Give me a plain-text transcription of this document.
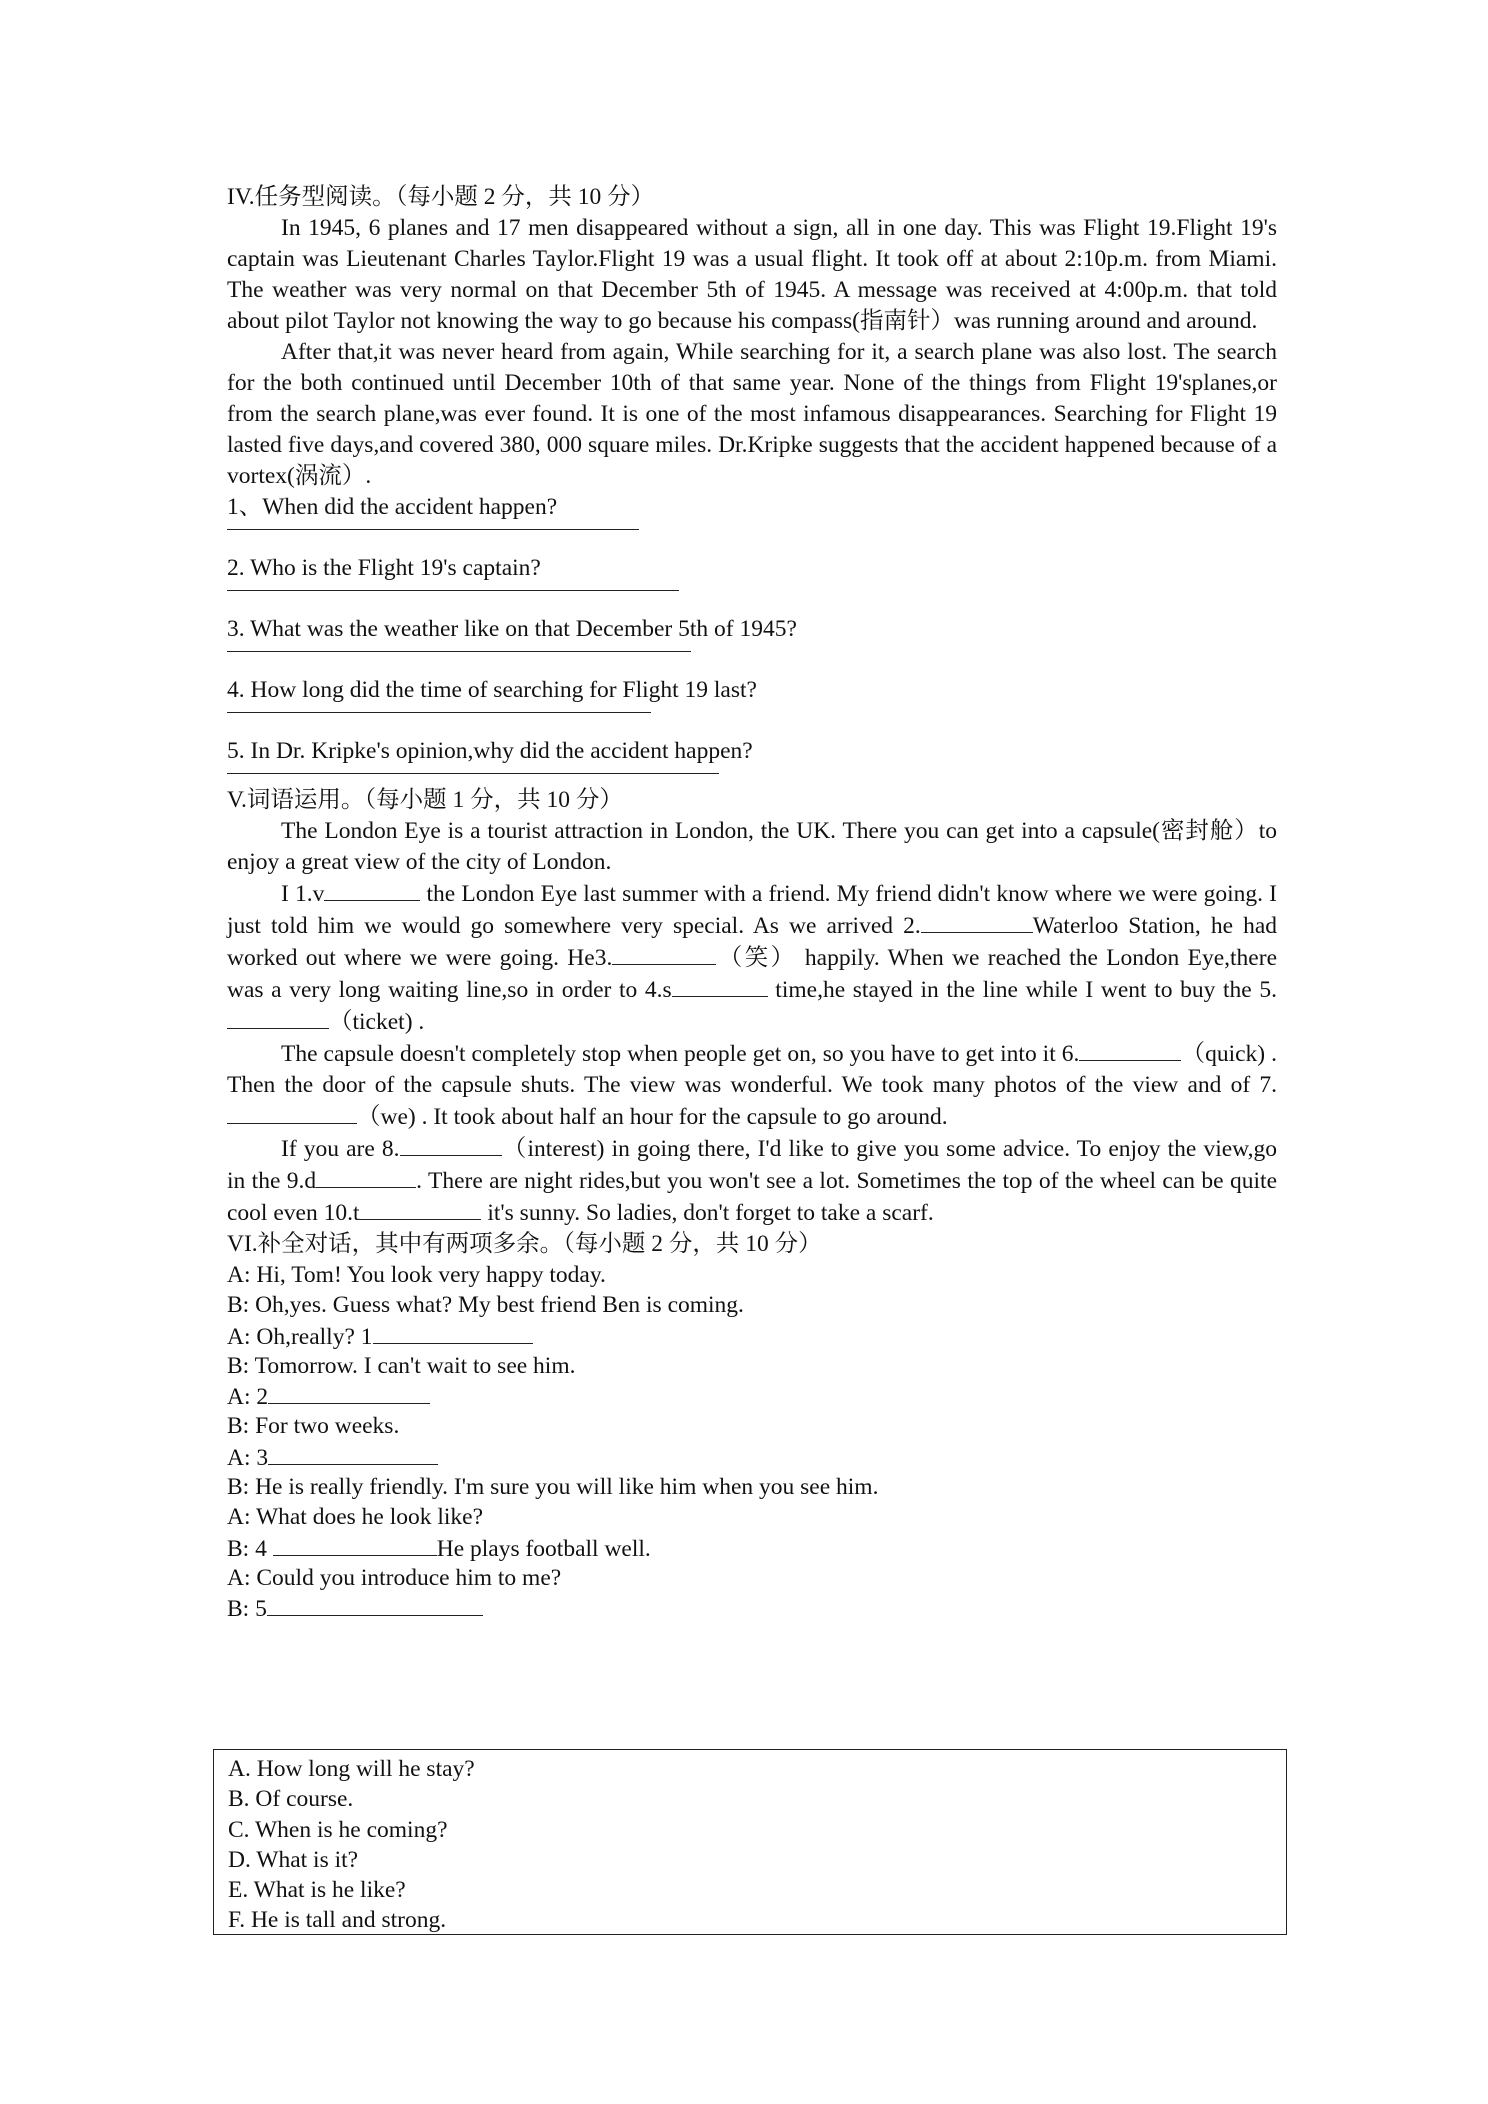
IV.任务型阅读。（每小题 2 分，共 10 分）

In 1945, 6 planes and 17 men disappeared without a sign, all in one day. This was Flight 19.Flight 19's captain was Lieutenant Charles Taylor.Flight 19 was a usual flight. It took off at about 2:10p.m. from Miami. The weather was very normal on that December 5th of 1945. A message was received at 4:00p.m. that told about pilot Taylor not knowing the way to go because his compass(指南针）was running around and around.

After that,it was never heard from again, While searching for it, a search plane was also lost. The search for the both continued until December 10th of that same year. None of the things from Flight 19'splanes,or from the search plane,was ever found. It is one of the most infamous disappearances. Searching for Flight 19 lasted five days,and covered 380, 000 square miles. Dr.Kripke suggests that the accident happened because of a vortex(涡流）.

1、When did the accident happen?

2. Who is the Flight 19's captain?

3. What was the weather like on that December 5th of 1945?

4. How long did the time of searching for Flight 19 last?

5. In Dr. Kripke's opinion,why did the accident happen?

V.词语运用。（每小题 1 分，共 10 分）

The London Eye is a tourist attraction in London, the UK. There you can get into a capsule(密封舱）to enjoy a great view of the city of London.

I 1.v	the London Eye last summer with a friend. My friend didn't know where we were going. I just told him we would go somewhere very special. As we arrived 2.	Waterloo Station, he had worked out where we were going. He3.	（笑） happily. When we reached the London Eye,there was a very long waiting line,so in order to 4.s	time,he stayed in the line while I went to buy the 5.（ticket) .

The capsule doesn't completely stop when people get on, so you have to get into it 6.	（quick) . Then the door of the capsule shuts. The view was wonderful. We took many photos of the view and of 7.（we) . It took about half an hour for the capsule to go around.

If you are 8.	（interest) in going there, I'd like to give you some advice. To enjoy the view,go in the 9.d	. There are night rides,but you won't see a lot. Sometimes the top of the wheel can be quite cool even 10.t	it's sunny. So ladies, don't forget to take a scarf.

VI.补全对话，其中有两项多余。（每小题 2 分，共 10 分）

A: Hi, Tom! You look very happy today.

B: Oh,yes. Guess what? My best friend Ben is coming.

A: Oh,really? 1

B: Tomorrow. I can't wait to see him.

A: 2

B: For two weeks.

A: 3

B: He is really friendly. I'm sure you will like him when you see him.

A: What does he look like?

B: 4	He plays football well.

A: Could you introduce him to me?

B: 5

A. How long will he stay?

B. Of course.

C. When is he coming?

D. What is it?

E. What is he like?

F. He is tall and strong.
